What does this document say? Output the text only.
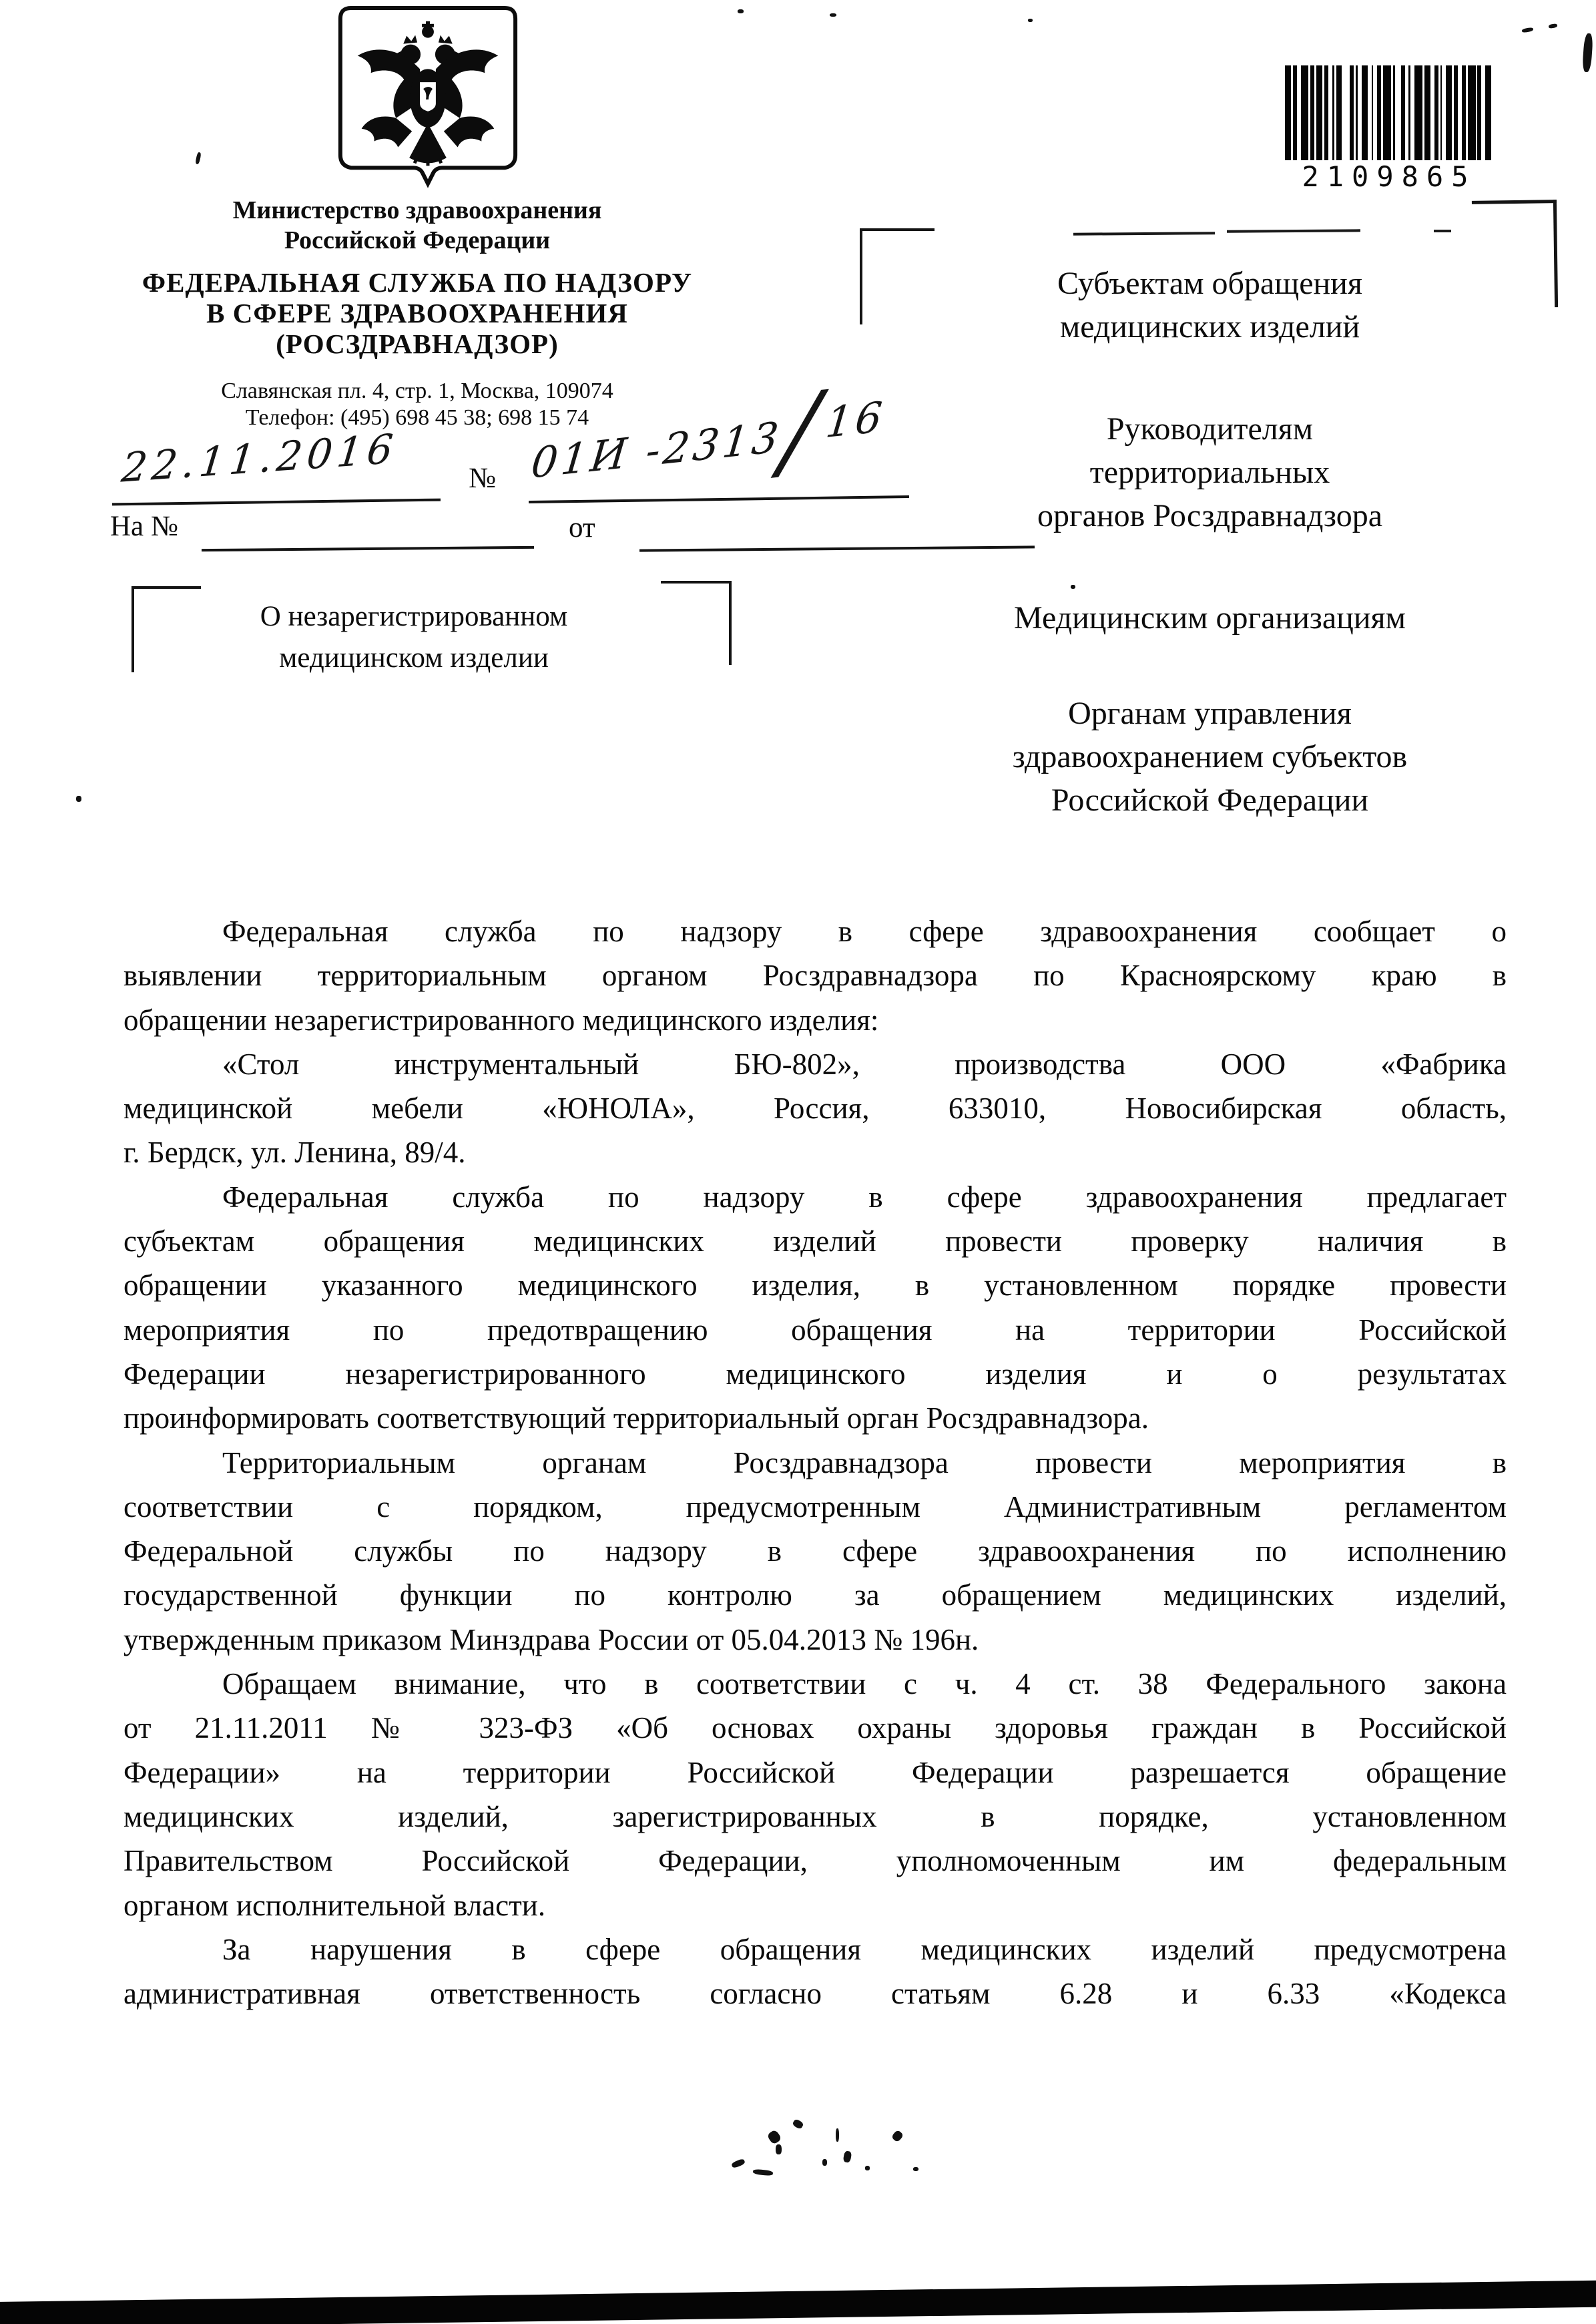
Министерство здравоохранения
Российской Федерации
ФЕДЕРАЛЬНАЯ СЛУЖБА ПО НАДЗОРУ
В СФЕРЕ ЗДРАВООХРАНЕНИЯ
(РОСЗДРАВНАДЗОР)
Славянская пл. 4, стр. 1, Москва, 109074
Телефон: (495) 698 45 38; 698 15 74
2109865
22.11.2016 № 01И -2313/16
На №	от
О незарегистрированном
медицинском изделии
Субъектам обращения
медицинских изделий
Руководителям
территориальных
органов Росздравнадзора
Медицинским организациям
Органам управления
здравоохранением субъектов
Российской Федерации
Федеральная служба по надзору в сфере здравоохранения сообщает о
выявлении территориальным органом Росздравнадзора по Красноярскому краю в
обращении незарегистрированного медицинского изделия:
«Стол инструментальный БЮ-802», производства ООО «Фабрика
медицинской мебели «ЮНОЛА», Россия, 633010, Новосибирская область,
г. Бердск, ул. Ленина, 89/4.
Федеральная служба по надзору в сфере здравоохранения предлагает
субъектам обращения медицинских изделий провести проверку наличия в
обращении указанного медицинского изделия, в установленном порядке провести
мероприятия по предотвращению обращения на территории Российской
Федерации незарегистрированного медицинского изделия и о результатах
проинформировать соответствующий территориальный орган Росздравнадзора.
Территориальным органам Росздравнадзора провести мероприятия в
соответствии с порядком, предусмотренным Административным регламентом
Федеральной службы по надзору в сфере здравоохранения по исполнению
государственной функции по контролю за обращением медицинских изделий,
утвержденным приказом Минздрава России от 05.04.2013 № 196н.
Обращаем внимание, что в соответствии с ч. 4 ст. 38 Федерального закона
от 21.11.2011 № 323-ФЗ «Об основах охраны здоровья граждан в Российской
Федерации» на территории Российской Федерации разрешается обращение
медицинских изделий, зарегистрированных в порядке, установленном
Правительством Российской Федерации, уполномоченным им федеральным
органом исполнительной власти.
За нарушения в сфере обращения медицинских изделий предусмотрена
административная ответственность согласно статьям 6.28 и 6.33 «Кодекса
